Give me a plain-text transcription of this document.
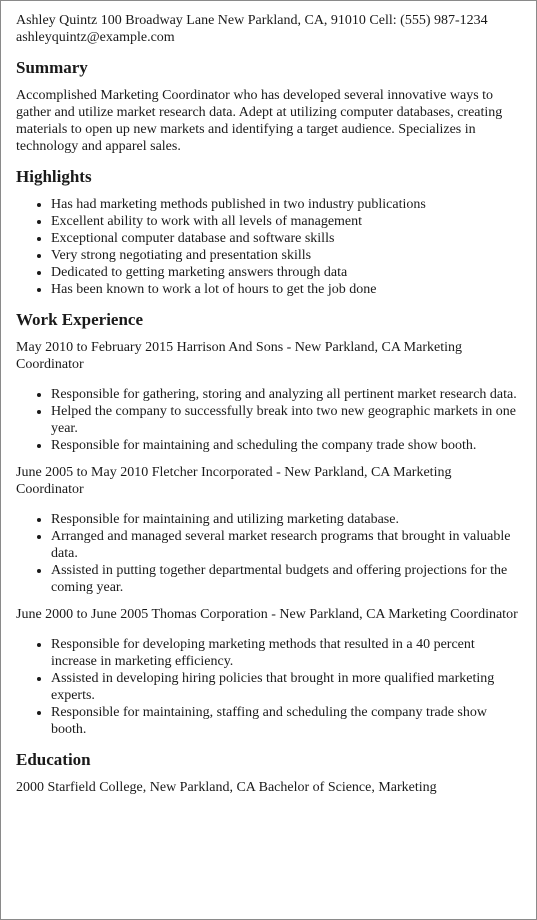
Ashley Quintz 100 Broadway Lane New Parkland, CA, 91010 Cell: (555) 987-1234
ashleyquintz@example.com
Summary

Accomplished Marketing Coordinator who has developed several innovative ways to gather and utilize market research data. Adept at utilizing computer databases, creating materials to open up new markets and identifying a target audience. Specializes in technology and apparel sales.

Highlights
• Has had marketing methods published in two industry publications
• Excellent ability to work with all levels of management
• Exceptional computer database and software skills
• Very strong negotiating and presentation skills
• Dedicated to getting marketing answers through data
• Has been known to work a lot of hours to get the job done
Work Experience
May 2010 to February 2015 Harrison And Sons - New Parkland, CA Marketing Coordinator
• Responsible for gathering, storing and analyzing all pertinent market research data.
• Helped the company to successfully break into two new geographic markets in one year.
• Responsible for maintaining and scheduling the company trade show booth.
June 2005 to May 2010 Fletcher Incorporated - New Parkland, CA Marketing Coordinator
• Responsible for maintaining and utilizing marketing database.
• Arranged and managed several market research programs that brought in valuable data.
• Assisted in putting together departmental budgets and offering projections for the coming year.
June 2000 to June 2005 Thomas Corporation - New Parkland, CA Marketing Coordinator
• Responsible for developing marketing methods that resulted in a 40 percent increase in marketing efficiency.
• Assisted in developing hiring policies that brought in more qualified marketing experts.
• Responsible for maintaining, staffing and scheduling the company trade show booth.
Education

2000 Starfield College, New Parkland, CA Bachelor of Science, Marketing
